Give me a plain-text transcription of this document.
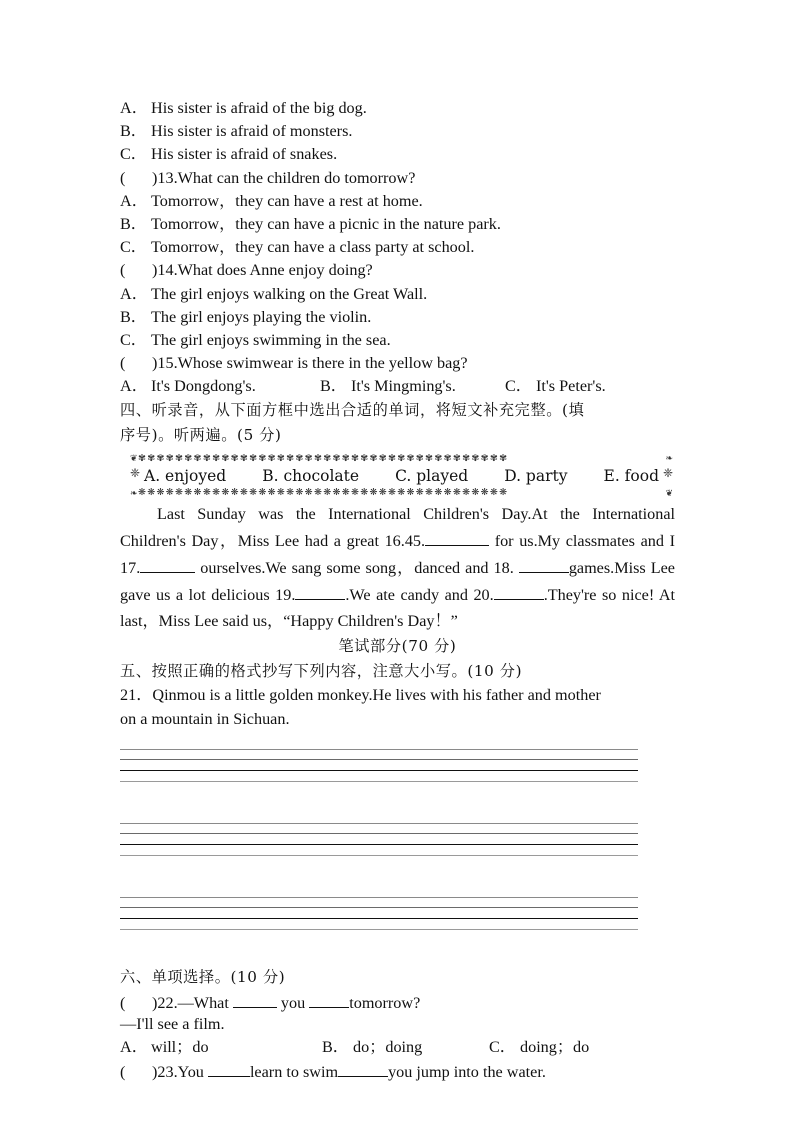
A． His sister is afraid of the big dog.
B． His sister is afraid of monsters.
C． His sister is afraid of snakes.
( )13.What can the children do tomorrow?
A． Tomorrow，they can have a rest at home.
B． Tomorrow，they can have a picnic in the nature park.
C． Tomorrow，they can have a class party at school.
( )14.What does Anne enjoy doing?
A． The girl enjoys walking on the Great Wall.
B． The girl enjoys playing the violin.
C． The girl enjoys swimming in the sea.
( )15.Whose swimwear is there in the yellow bag?
A． It's Dongdong's.	B． It's Mingming's.	C． It's Peter's.
四、听录音，从下面方框中选出合适的单词，将短文补充完整。(填
序号)。听两遍。(5 分)
❦	❧
✾✾✾✾✾✾✾✾✾✾✾✾✾✾✾✾✾✾✾✾✾✾✾✾✾✾✾✾✾✾✾✾✾✾✾✾✾✾✾✾
❈	❈
A. enjoyed B. chocolate C. played D. party E. food
❧	❦
❋❋❋❋❋❋❋❋❋❋❋❋❋❋❋❋❋❋❋❋❋❋❋❋❋❋❋❋❋❋❋❋❋❋❋❋❋❋❋❋
Last Sunday was the International Children's Day.At the International Children's Day，Miss Lee had a great 16.45.	for us.My classmates and I 17.	ourselves.We sang some song，danced and 18.	games.Miss Lee gave us a lot delicious 19.	.We ate candy and 20.	.They're so nice! At last，Miss Lee said us，“Happy Children's Day！”
笔试部分(70 分)
五、按照正确的格式抄写下列内容，注意大小写。(10 分)
21．Qinmou is a little golden monkey.He lives with his father and mother
on a mountain in Sichuan.
六、单项选择。(10 分)
( )22.—What	you tomorrow?
—I'll see a film.
A． will；do	B． do；doing	C． doing；do
( )23.You	learn to swim	you jump into the water.
